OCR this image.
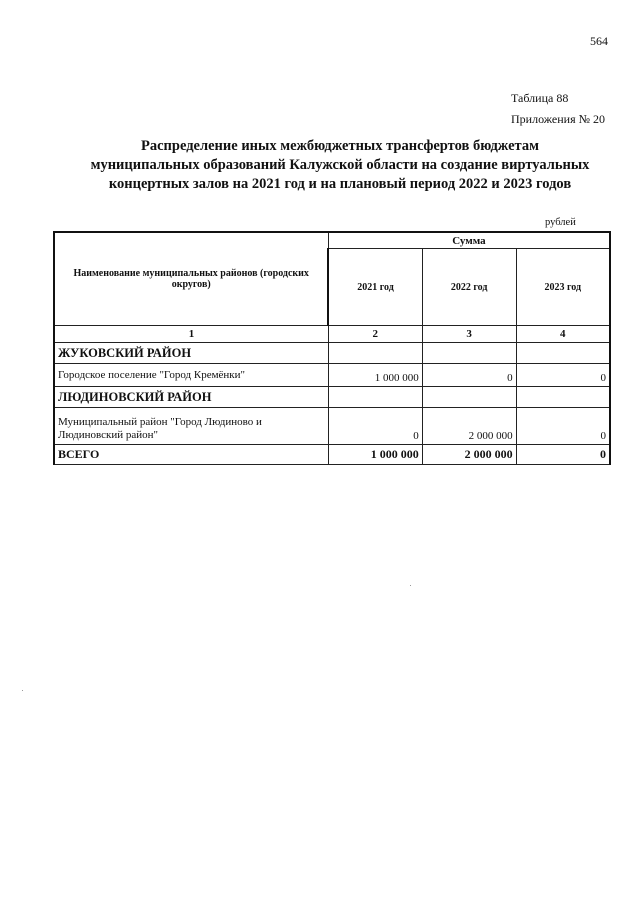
564
Таблица 88
Приложения № 20
Распределение иных межбюджетных трансфертов бюджетам
муниципальных образований Калужской области на создание виртуальных
концертных залов на 2021 год и на плановый период 2022 и 2023 годов
рублей
Наименование муниципальных районов (городских округов)	Сумма		
	2021 год	2022 год	2023 год
1	2	3	4
ЖУКОВСКИЙ РАЙОН			
Городское поселение "Город Кремёнки"	1 000 000	0	0
ЛЮДИНОВСКИЙ РАЙОН			
Муниципальный район "Город Людиново и Людиновский район"	0	2 000 000	0
ВСЕГО	1 000 000	2 000 000	0
